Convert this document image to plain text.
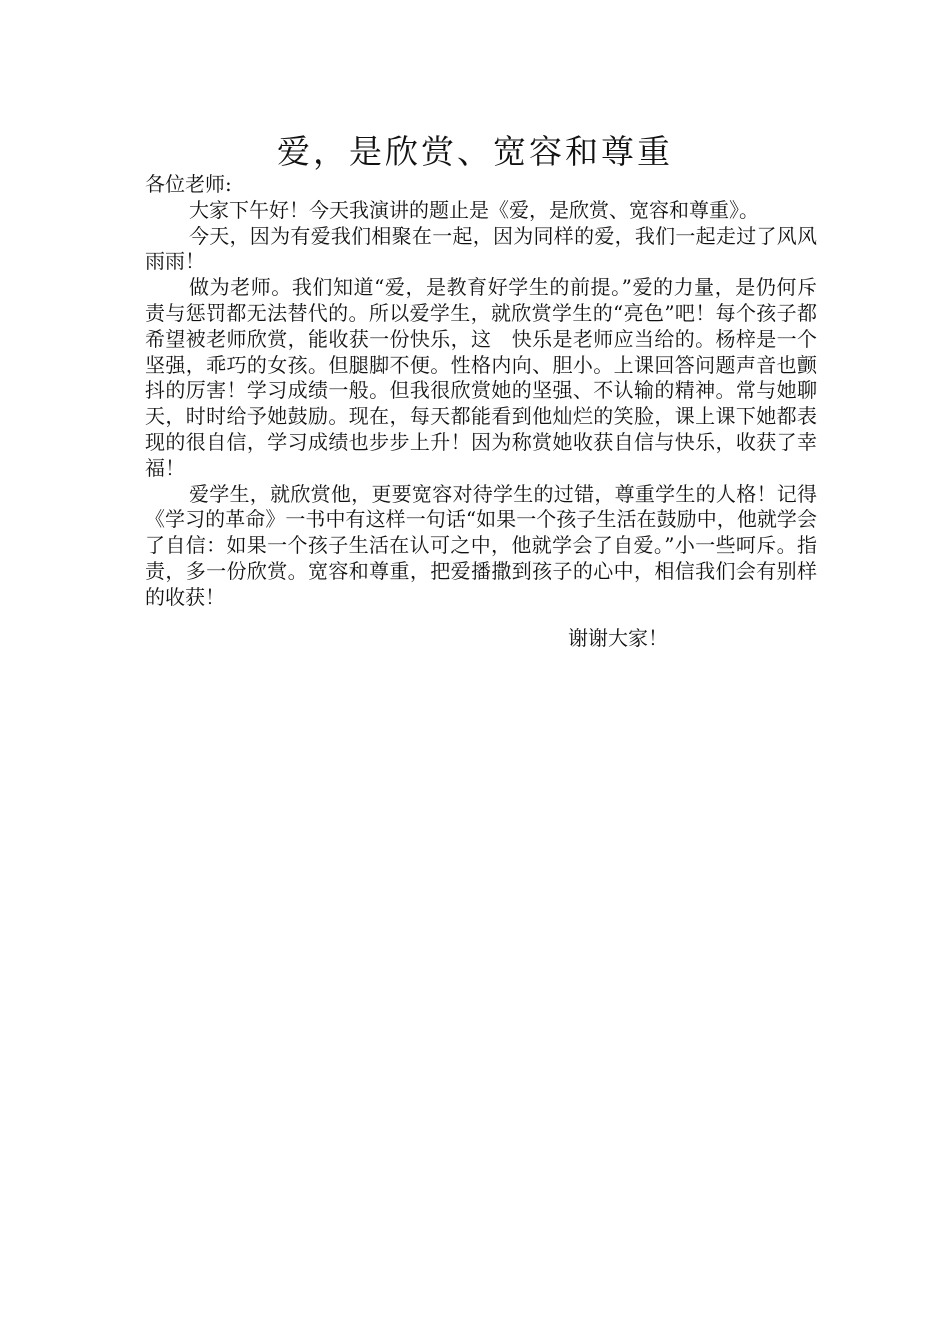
爱，是欣赏、宽容和尊重

各位老师:

大家下午好！今天我演讲的题止是《爱，是欣赏、宽容和尊重》。

今天，因为有爱我们相聚在一起，因为同样的爱，我们一起走过了风风雨雨！

做为老师。我们知道“爱，是教育好学生的前提。”爱的力量，是仍何斥责与惩罚都无法替代的。所以爱学生，就欣赏学生的“亮色”吧！每个孩子都希望被老师欣赏，能收获一份快乐，这　快乐是老师应当给的。杨梓是一个坚强，乖巧的女孩。但腿脚不便。性格内向、胆小。上课回答问题声音也颤抖的厉害！学习成绩一般。但我很欣赏她的坚强、不认输的精神。常与她聊天，时时给予她鼓励。现在，每天都能看到他灿烂的笑脸，课上课下她都表现的很自信，学习成绩也步步上升！因为称赏她收获自信与快乐，收获了幸福！

爱学生，就欣赏他，更要宽容对待学生的过错，尊重学生的人格！记得《学习的革命》一书中有这样一句话“如果一个孩子生活在鼓励中，他就学会了自信：如果一个孩子生活在认可之中，他就学会了自爱。”小一些呵斥。指责，多一份欣赏。宽容和尊重，把爱播撒到孩子的心中，相信我们会有别样的收获！

谢谢大家！
